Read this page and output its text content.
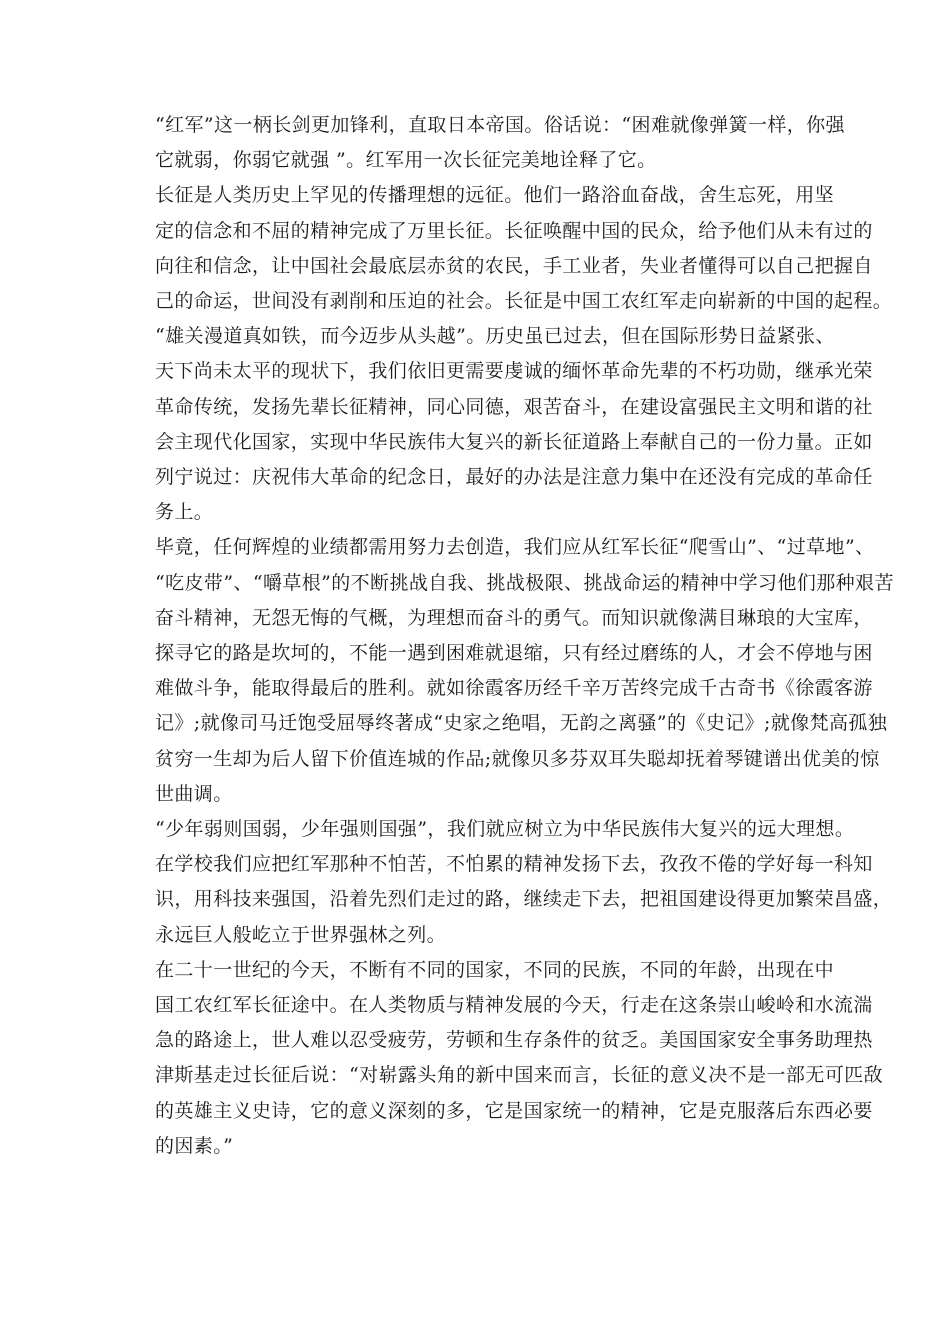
“红军”这一柄长剑更加锋利，直取日本帝国。俗话说：“困难就像弹簧一样，你强
它就弱，你弱它就强 ”。红军用一次长征完美地诠释了它。

长征是人类历史上罕见的传播理想的远征。他们一路浴血奋战，舍生忘死，用坚
定的信念和不屈的精神完成了万里长征。长征唤醒中国的民众，给予他们从未有过的
向往和信念，让中国社会最底层赤贫的农民，手工业者，失业者懂得可以自己把握自
己的命运，世间没有剥削和压迫的社会。长征是中国工农红军走向崭新的中国的起程。

“雄关漫道真如铁，而今迈步从头越”。历史虽已过去，但在国际形势日益紧张、
天下尚未太平的现状下，我们依旧更需要虔诚的缅怀革命先辈的不朽功勋，继承光荣
革命传统，发扬先辈长征精神，同心同德，艰苦奋斗，在建设富强民主文明和谐的社
会主现代化国家，实现中华民族伟大复兴的新长征道路上奉献自己的一份力量。正如
列宁说过：庆祝伟大革命的纪念日，最好的办法是注意力集中在还没有完成的革命任
务上。

毕竟，任何辉煌的业绩都需用努力去创造，我们应从红军长征“爬雪山”、“过草地”、
“吃皮带”、“嚼草根”的不断挑战自我、挑战极限、挑战命运的精神中学习他们那种艰苦
奋斗精神，无怨无悔的气概，为理想而奋斗的勇气。而知识就像满目琳琅的大宝库，
探寻它的路是坎坷的，不能一遇到困难就退缩，只有经过磨练的人，才会不停地与困
难做斗争，能取得最后的胜利。就如徐霞客历经千辛万苦终完成千古奇书《徐霞客游
记》;就像司马迁饱受屈辱终著成“史家之绝唱，无韵之离骚”的《史记》;就像梵高孤独
贫穷一生却为后人留下价值连城的作品;就像贝多芬双耳失聪却抚着琴键谱出优美的惊
世曲调。

“少年弱则国弱，少年强则国强”，我们就应树立为中华民族伟大复兴的远大理想。
在学校我们应把红军那种不怕苦，不怕累的精神发扬下去，孜孜不倦的学好每一科知
识，用科技来强国，沿着先烈们走过的路，继续走下去，把祖国建设得更加繁荣昌盛，
永远巨人般屹立于世界强林之列。

在二十一世纪的今天，不断有不同的国家，不同的民族，不同的年龄，出现在中
国工农红军长征途中。在人类物质与精神发展的今天，行走在这条崇山峻岭和水流湍
急的路途上，世人难以忍受疲劳，劳顿和生存条件的贫乏。美国国家安全事务助理热
津斯基走过长征后说：“对崭露头角的新中国来而言，长征的意义决不是一部无可匹敌
的英雄主义史诗，它的意义深刻的多，它是国家统一的精神，它是克服落后东西必要
的因素。”
